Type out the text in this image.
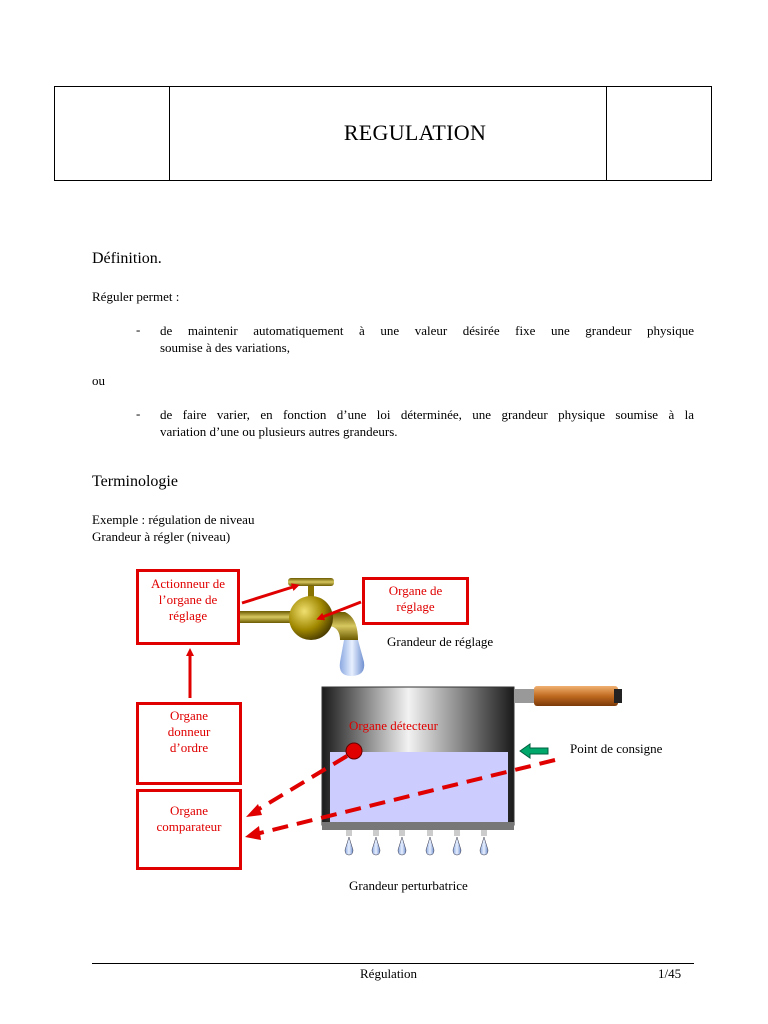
REGULATION
Définition.
Réguler permet :
- de maintenir automatiquement à une valeur désirée fixe une grandeur physique
soumise à des variations,
ou
- de faire varier, en fonction d’une loi déterminée, une grandeur physique soumise à la
variation d’une ou plusieurs autres grandeurs.
Terminologie
Exemple : régulation de niveau
Grandeur à régler (niveau)
Actionneur de
l’organe de
réglage
Organe de
réglage
Grandeur de réglage
Organe
donneur
d’ordre
Organe détecteur
Point de consigne
Organe
comparateur
Grandeur perturbatrice
Régulation	1/45
